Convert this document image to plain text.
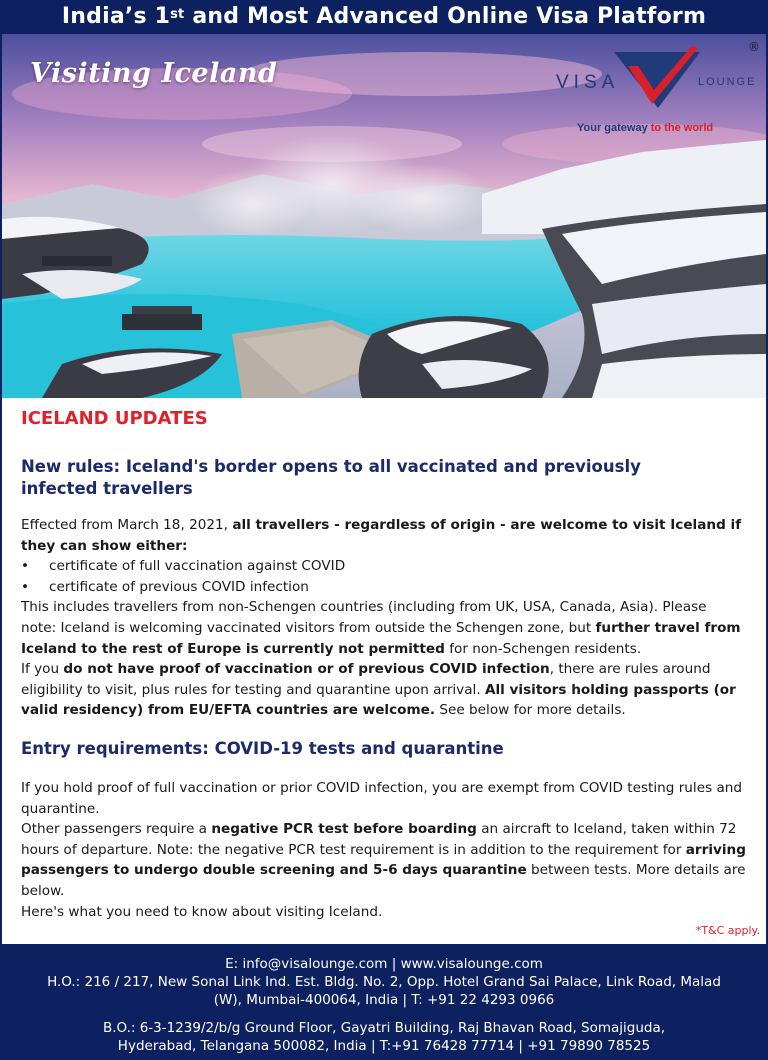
India’s 1st and Most Advanced Online Visa Platform
Visiting Iceland
®
VISA	LOUNGE
Your gateway to the world
ICELAND UPDATES
New rules: Iceland's border opens to all vaccinated and previously
infected travellers
Effected from March 18, 2021, all travellers - regardless of origin - are welcome to visit Iceland if they can show either:
• certificate of full vaccination against COVID
• certificate of previous COVID infection
This includes travellers from non-Schengen countries (including from UK, USA, Canada, Asia). Please note: Iceland is welcoming vaccinated visitors from outside the Schengen zone, but further travel from Iceland to the rest of Europe is currently not permitted for non-Schengen residents.
If you do not have proof of vaccination or of previous COVID infection, there are rules around eligibility to visit, plus rules for testing and quarantine upon arrival. All visitors holding passports (or valid residency) from EU/EFTA countries are welcome. See below for more details.
Entry requirements: COVID-19 tests and quarantine
If you hold proof of full vaccination or prior COVID infection, you are exempt from COVID testing rules and quarantine.
Other passengers require a negative PCR test before boarding an aircraft to Iceland, taken within 72 hours of departure. Note: the negative PCR test requirement is in addition to the requirement for arriving passengers to undergo double screening and 5-6 days quarantine between tests. More details are below.
Here's what you need to know about visiting Iceland.
*T&C apply.
E: info@visalounge.com | www.visalounge.com
H.O.: 216 / 217, New Sonal Link Ind. Est. Bldg. No. 2, Opp. Hotel Grand Sai Palace, Link Road, Malad
(W), Mumbai-400064, India | T: +91 22 4293 0966
B.O.: 6-3-1239/2/b/g Ground Floor, Gayatri Building, Raj Bhavan Road, Somajiguda,
Hyderabad, Telangana 500082, India | T:+91 76428 77714 | +91 79890 78525
